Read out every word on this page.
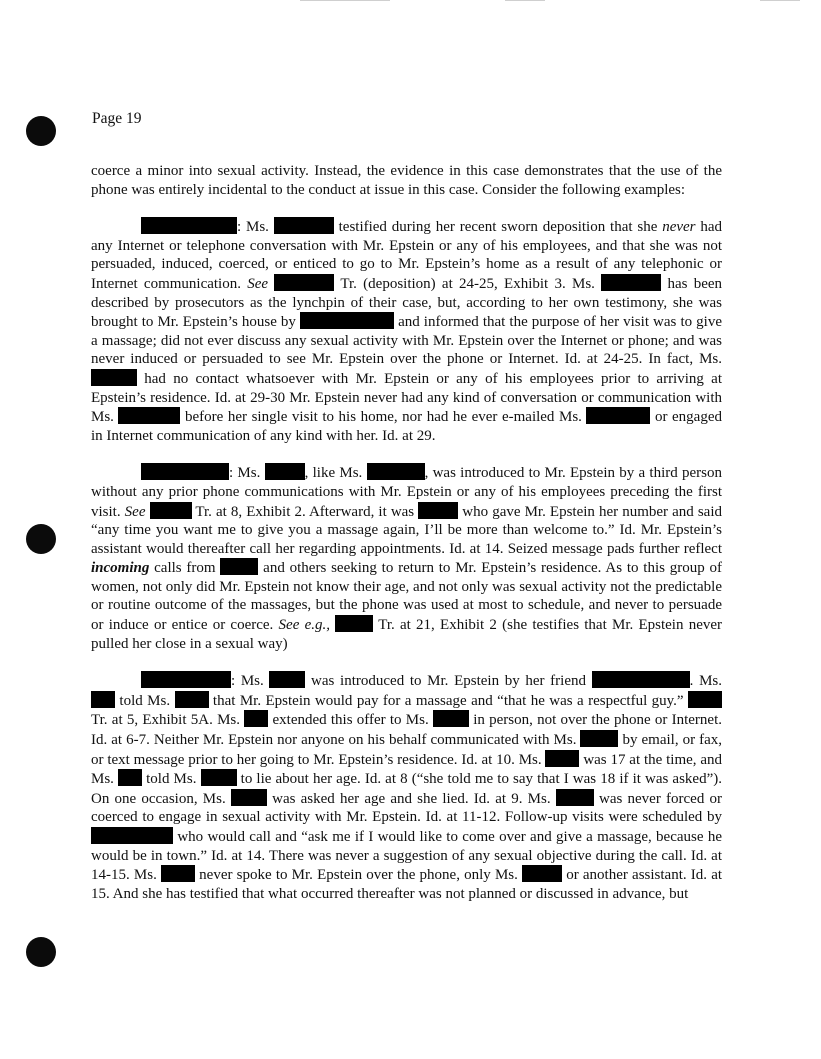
Page 19

coerce a minor into sexual activity. Instead, the evidence in this case demonstrates that the use of the phone was entirely incidental to the conduct at issue in this case. Consider the following examples:

: Ms.	testified during her recent sworn deposition that she never had any Internet or telephone conversation with Mr. Epstein or any of his employees, and that she was not persuaded, induced, coerced, or enticed to go to Mr. Epstein’s home as a result of any telephonic or Internet communication. See	Tr. (deposition) at 24-25, Exhibit 3. Ms.	has been described by prosecutors as the lynchpin of their case, but, according to her own testimony, she was brought to Mr. Epstein’s house by	and informed that the purpose of her visit was to give a massage; did not ever discuss any sexual activity with Mr. Epstein over the Internet or phone; and was never induced or persuaded to see Mr. Epstein over the phone or Internet. Id. at 24-25. In fact, Ms.  had no contact whatsoever with Mr. Epstein or any of his employees prior to arriving at Epstein’s residence. Id. at 29-30 Mr. Epstein never had any kind of conversation or communication with Ms.	before her single visit to his home, nor had he ever e-mailed Ms.	or engaged in Internet communication of any kind with her. Id. at 29.

: Ms.	, like Ms.	, was introduced to Mr. Epstein by a third person without any prior phone communications with Mr. Epstein or any of his employees preceding the first visit. See	Tr. at 8, Exhibit 2. Afterward, it was	who gave Mr. Epstein her number and said “any time you want me to give you a massage again, I’ll be more than welcome to.” Id. Mr. Epstein’s assistant would thereafter call her regarding appointments. Id. at 14. Seized message pads further reflect incoming calls from	and others seeking to return to Mr. Epstein’s residence. As to this group of women, not only did Mr. Epstein not know their age, and not only was sexual activity not the predictable or routine outcome of the massages, but the phone was used at most to schedule, and never to persuade or induce or entice or coerce. See e.g.,	Tr. at 21, Exhibit 2 (she testifies that Mr. Epstein never pulled her close in a sexual way)

: Ms.	was introduced to Mr. Epstein by her friend	. Ms.  told Ms.	that Mr. Epstein would pay for a massage and “that he was a respectful guy.”  Tr. at 5, Exhibit 5A. Ms.  extended this offer to Ms.	in person, not over the phone or Internet. Id. at 6-7. Neither Mr. Epstein nor anyone on his behalf communicated with Ms.	by email, or fax, or text message prior to her going to Mr. Epstein’s residence. Id. at 10. Ms.	was 17 at the time, and Ms.  told Ms.	to lie about her age. Id. at 8 (“she told me to say that I was 18 if it was asked”). On one occasion, Ms.	was asked her age and she lied. Id. at 9. Ms.	was never forced or coerced to engage in sexual activity with Mr. Epstein. Id. at 11-12. Follow-up visits were scheduled by  who would call and “ask me if I would like to come over and give a massage, because he would be in town.” Id. at 14. There was never a suggestion of any sexual objective during the call. Id. at 14-15. Ms.	never spoke to Mr. Epstein over the phone, only Ms.	or another assistant. Id. at 15. And she has testified that what occurred thereafter was not planned or discussed in advance, but
